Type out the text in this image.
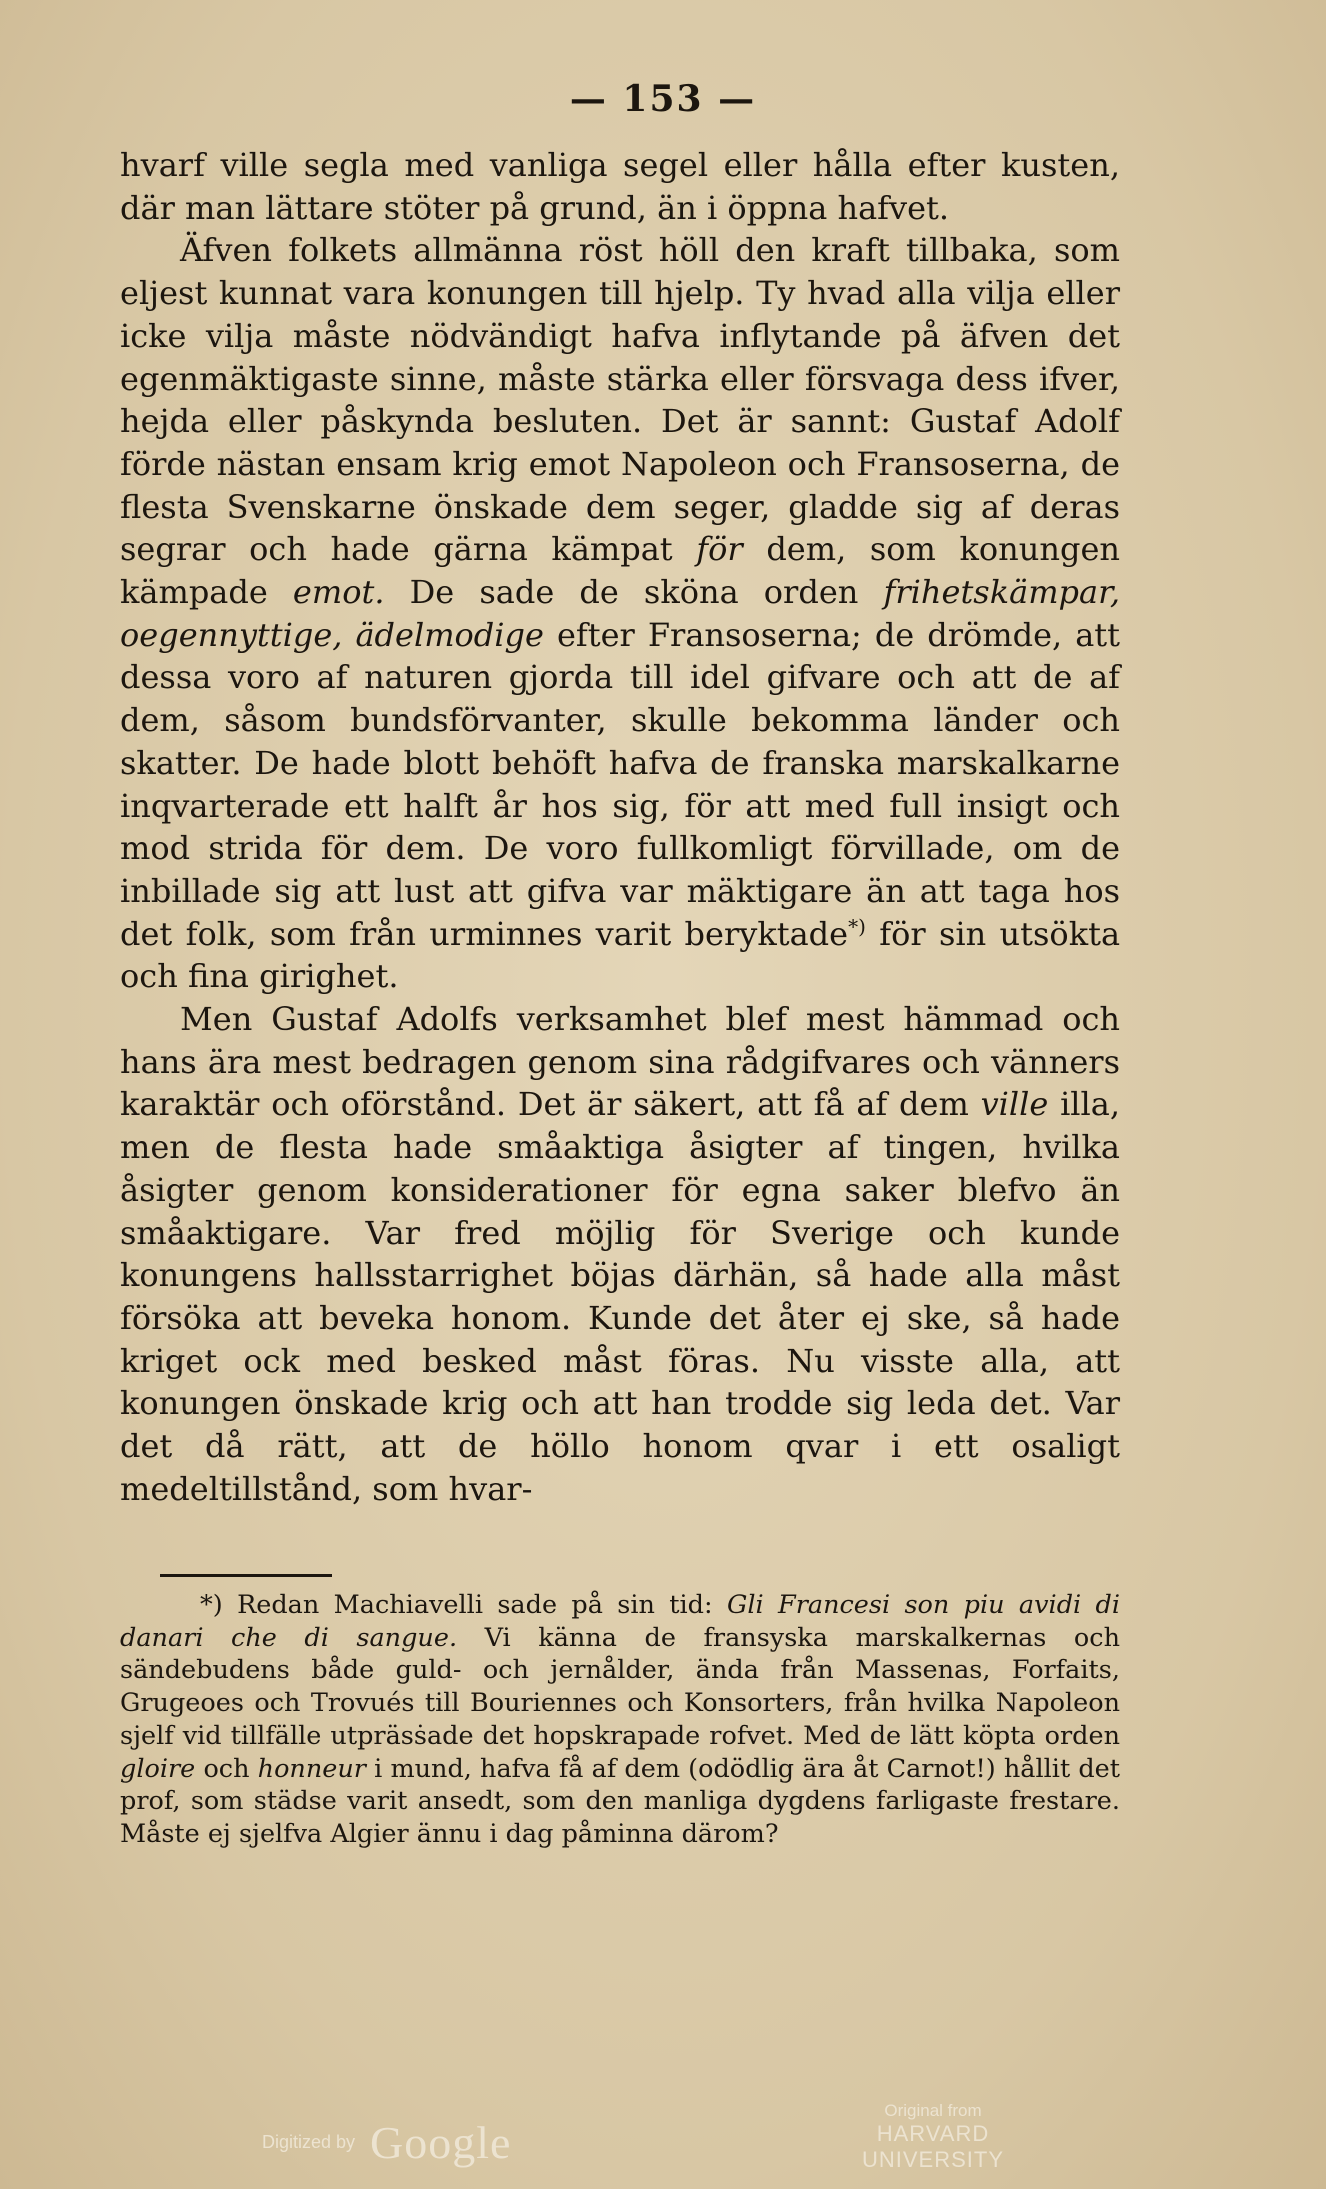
— 153 —

hvarf ville segla med vanliga segel eller hålla efter kusten, där man lättare stöter på grund, än i öppna hafvet.

Äfven folkets allmänna röst höll den kraft tillbaka, som eljest kunnat vara konungen till hjelp. Ty hvad alla vilja eller icke vilja måste nödvändigt hafva inflytande på äfven det egenmäktigaste sinne, måste stärka eller försvaga dess ifver, hejda eller påskynda besluten. Det är sannt: Gustaf Adolf förde nästan ensam krig emot Napoleon och Fransoserna, de flesta Svenskarne önskade dem seger, gladde sig af deras segrar och hade gärna kämpat för dem, som konungen kämpade emot. De sade de sköna orden frihetskämpar, oegennyttige, ädelmodige efter Fransoserna; de drömde, att dessa voro af naturen gjorda till idel gifvare och att de af dem, såsom bundsförvanter, skulle bekomma länder och skatter. De hade blott behöft hafva de franska marskalkarne inqvarterade ett halft år hos sig, för att med full insigt och mod strida för dem. De voro fullkomligt förvillade, om de inbillade sig att lust att gifva var mäktigare än att taga hos det folk, som från urminnes varit beryktade*) för sin utsökta och fina girighet.

Men Gustaf Adolfs verksamhet blef mest hämmad och hans ära mest bedragen genom sina rådgifvares och vänners karaktär och oförstånd. Det är säkert, att få af dem ville illa, men de flesta hade småaktiga åsigter af tingen, hvilka åsigter genom konsiderationer för egna saker blefvo än småaktigare. Var fred möjlig för Sverige och kunde konungens hallsstarrighet böjas därhän, så hade alla måst försöka att beveka honom. Kunde det åter ej ske, så hade kriget ock med besked måst föras. Nu visste alla, att konungen önskade krig och att han trodde sig leda det. Var det då rätt, att de höllo honom qvar i ett osaligt medeltillstånd, som hvar-

*) Redan Machiavelli sade på sin tid: Gli Francesi son piu avidi di danari che di sangue. Vi känna de fransyska marskalkernas och sändebudens både guld- och jernålder, ända från Massenas, Forfaits, Grugeoes och Trovués till Bouriennes och Konsorters, från hvilka Napoleon sjelf vid tillfälle utpräsṡade det hopskrapade rofvet. Med de lätt köpta orden gloire och honneur i mund, hafva få af dem (odödlig ära åt Carnot!) hållit det prof, som städse varit ansedt, som den manliga dygdens farligaste frestare. Måste ej sjelfva Algier ännu i dag påminna därom?

Digitized by Google
Original from
HARVARD UNIVERSITY
